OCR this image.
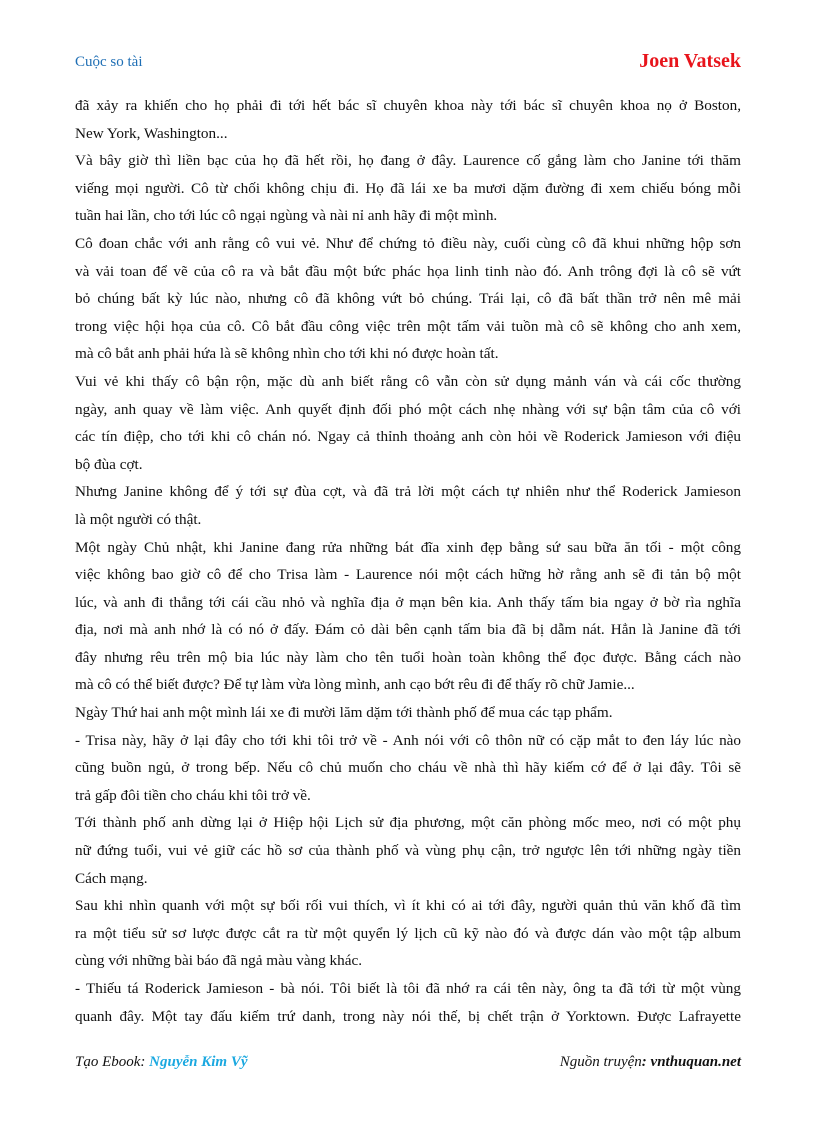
Cuộc so tài	Joen Vatsek
đã xảy ra khiến cho họ phải đi tới hết bác sĩ chuyên khoa này tới bác sĩ chuyên khoa nọ ở Boston,
New York, Washington...
Và bây giờ thì liền bạc của họ đã hết rồi, họ đang ở đây. Laurence cố gắng làm cho Janine tới thăm
viếng mọi người. Cô từ chối không chịu đi. Họ đã lái xe ba mươi dặm đường đi xem chiếu bóng mỗi
tuần hai lần, cho tới lúc cô ngại ngùng và nài nỉ anh hãy đi một mình.
Cô đoan chắc với anh rằng cô vui vẻ. Như để chứng tỏ điều này, cuối cùng cô đã khui những hộp sơn
và vải toan để vẽ của cô ra và bắt đầu một bức phác họa linh tinh nào đó. Anh trông đợi là cô sẽ vứt
bỏ chúng bất kỳ lúc nào, nhưng cô đã không vứt bỏ chúng. Trái lại, cô đã bất thần trở nên mê mải
trong việc hội họa của cô. Cô bắt đầu công việc trên một tấm vải tuồn mà cô sẽ không cho anh xem,
mà cô bắt anh phải hứa là sẽ không nhìn cho tới khi nó được hoàn tất.
Vui vẻ khi thấy cô bận rộn, mặc dù anh biết rằng cô vẫn còn sử dụng mảnh ván và cái cốc thường
ngày, anh quay về làm việc. Anh quyết định đối phó một cách nhẹ nhàng với sự bận tâm của cô với
các tín điệp, cho tới khi cô chán nó. Ngay cả thỉnh thoảng anh còn hỏi về Roderick Jamieson với điệu
bộ đùa cợt.
Nhưng Janine không để ý tới sự đùa cợt, và đã trả lời một cách tự nhiên như thể Roderick Jamieson
là một người có thật.
Một ngày Chủ nhật, khi Janine đang rửa những bát đĩa xinh đẹp bằng sứ sau bữa ăn tối - một công
việc không bao giờ cô để cho Trisa làm - Laurence nói một cách hững hờ rằng anh sẽ đi tản bộ một
lúc, và anh đi thẳng tới cái cầu nhỏ và nghĩa địa ở mạn bên kia. Anh thấy tấm bia ngay ở bờ rìa nghĩa
địa, nơi mà anh nhớ là có nó ở đấy. Đám cỏ dài bên cạnh tấm bia đã bị dẫm nát. Hẳn là Janine đã tới
đây nhưng rêu trên mộ bia lúc này làm cho tên tuổi hoàn toàn không thể đọc được. Bằng cách nào
mà cô có thể biết được? Để tự làm vừa lòng mình, anh cạo bớt rêu đi để thấy rõ chữ Jamie...
Ngày Thứ hai anh một mình lái xe đi mười lăm dặm tới thành phố để mua các tạp phẩm.
- Trisa này, hãy ở lại đây cho tới khi tôi trở về - Anh nói với cô thôn nữ có cặp mắt to đen láy lúc nào
cũng buồn ngủ, ở trong bếp. Nếu cô chủ muốn cho cháu về nhà thì hãy kiếm cớ để ở lại đây. Tôi sẽ
trả gấp đôi tiền cho cháu khi tôi trở về.
Tới thành phố anh dừng lại ở Hiệp hội Lịch sử địa phương, một căn phòng mốc meo, nơi có một phụ
nữ đứng tuổi, vui vẻ giữ các hồ sơ của thành phố và vùng phụ cận, trở ngược lên tới những ngày tiền
Cách mạng.
Sau khi nhìn quanh với một sự bối rối vui thích, vì ít khi có ai tới đây, người quản thủ văn khố đã tìm
ra một tiểu sử sơ lược được cắt ra từ một quyển lý lịch cũ kỹ nào đó và được dán vào một tập album
cùng với những bài báo đã ngả màu vàng khác.
- Thiếu tá Roderick Jamieson - bà nói. Tôi biết là tôi đã nhớ ra cái tên này, ông ta đã tới từ một vùng
quanh đây. Một tay đấu kiếm trứ danh, trong này nói thế, bị chết trận ở Yorktown. Được Lafrayette
Tạo Ebook: Nguyễn Kim Vỹ	Nguồn truyện: vnthuquan.net
